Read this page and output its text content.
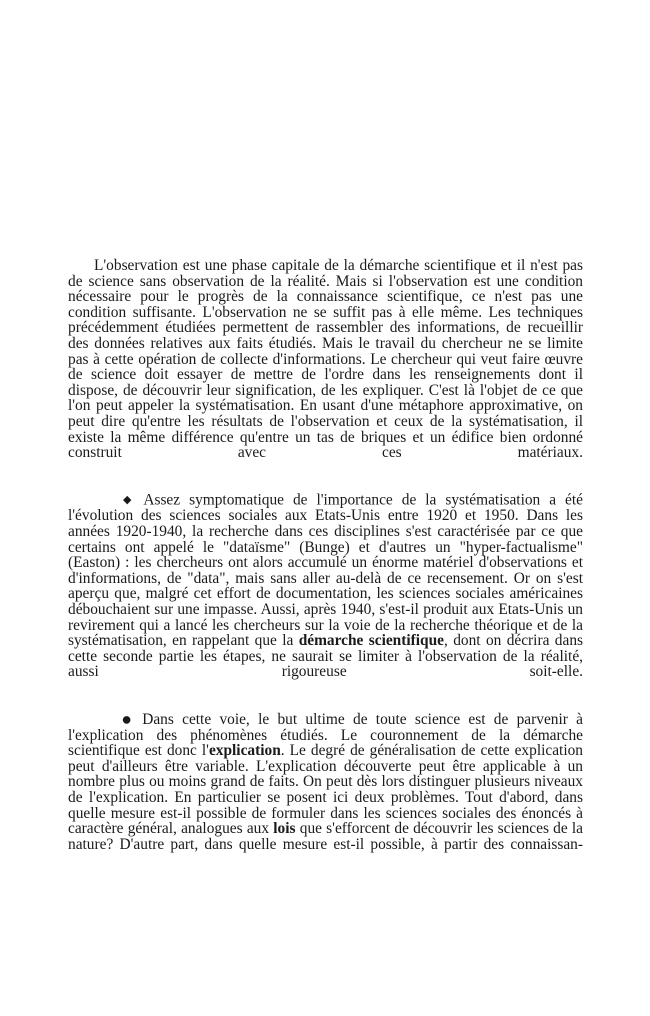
L'observation est une phase capitale de la démarche scientifique et il n'est pas de science sans observation de la réalité. Mais si l'observation est une condition nécessaire pour le progrès de la connaissance scientifique, ce n'est pas une condition suffisante. L'observation ne se suffit pas à elle même. Les techniques précédemment étudiées permettent de rassembler des informations, de recueillir des données relatives aux faits étudiés. Mais le travail du chercheur ne se limite pas à cette opération de collecte d'informations. Le chercheur qui veut faire œuvre de science doit essayer de mettre de l'ordre dans les renseignements dont il dispose, de découvrir leur signification, de les expliquer. C'est là l'objet de ce que l'on peut appeler la systématisation. En usant d'une métaphore approximative, on peut dire qu'entre les résultats de l'observation et ceux de la systématisation, il existe la même différence qu'entre un tas de briques et un édifice bien ordonné construit avec ces matériaux.

◆ Assez symptomatique de l'importance de la systématisation a été l'évolution des sciences sociales aux Etats-Unis entre 1920 et 1950. Dans les années 1920-1940, la recherche dans ces disciplines s'est caractérisée par ce que certains ont appelé le "dataïsme" (Bunge) et d'autres un "hyper-factualisme" (Easton) : les chercheurs ont alors accumulé un énorme matériel d'observations et d'informations, de "data", mais sans aller au-delà de ce recensement. Or on s'est aperçu que, malgré cet effort de documentation, les sciences sociales américaines débouchaient sur une impasse. Aussi, après 1940, s'est-il produit aux Etats-Unis un revirement qui a lancé les chercheurs sur la voie de la recherche théorique et de la systématisation, en rappelant que la démarche scientifique, dont on décrira dans cette seconde partie les étapes, ne saurait se limiter à l'observation de la réalité, aussi rigoureuse soit-elle.

● Dans cette voie, le but ultime de toute science est de parvenir à l'explication des phénomènes étudiés. Le couronnement de la démarche scientifique est donc l'explication. Le degré de généralisation de cette explication peut d'ailleurs être variable. L'explication découverte peut être applicable à un nombre plus ou moins grand de faits. On peut dès lors distinguer plusieurs niveaux de l'explication. En particulier se posent ici deux problèmes. Tout d'abord, dans quelle mesure est-il possible de formuler dans les sciences sociales des énoncés à caractère général, analogues aux lois que s'efforcent de découvrir les sciences de la nature? D'autre part, dans quelle mesure est-il possible, à partir des connaissan-
